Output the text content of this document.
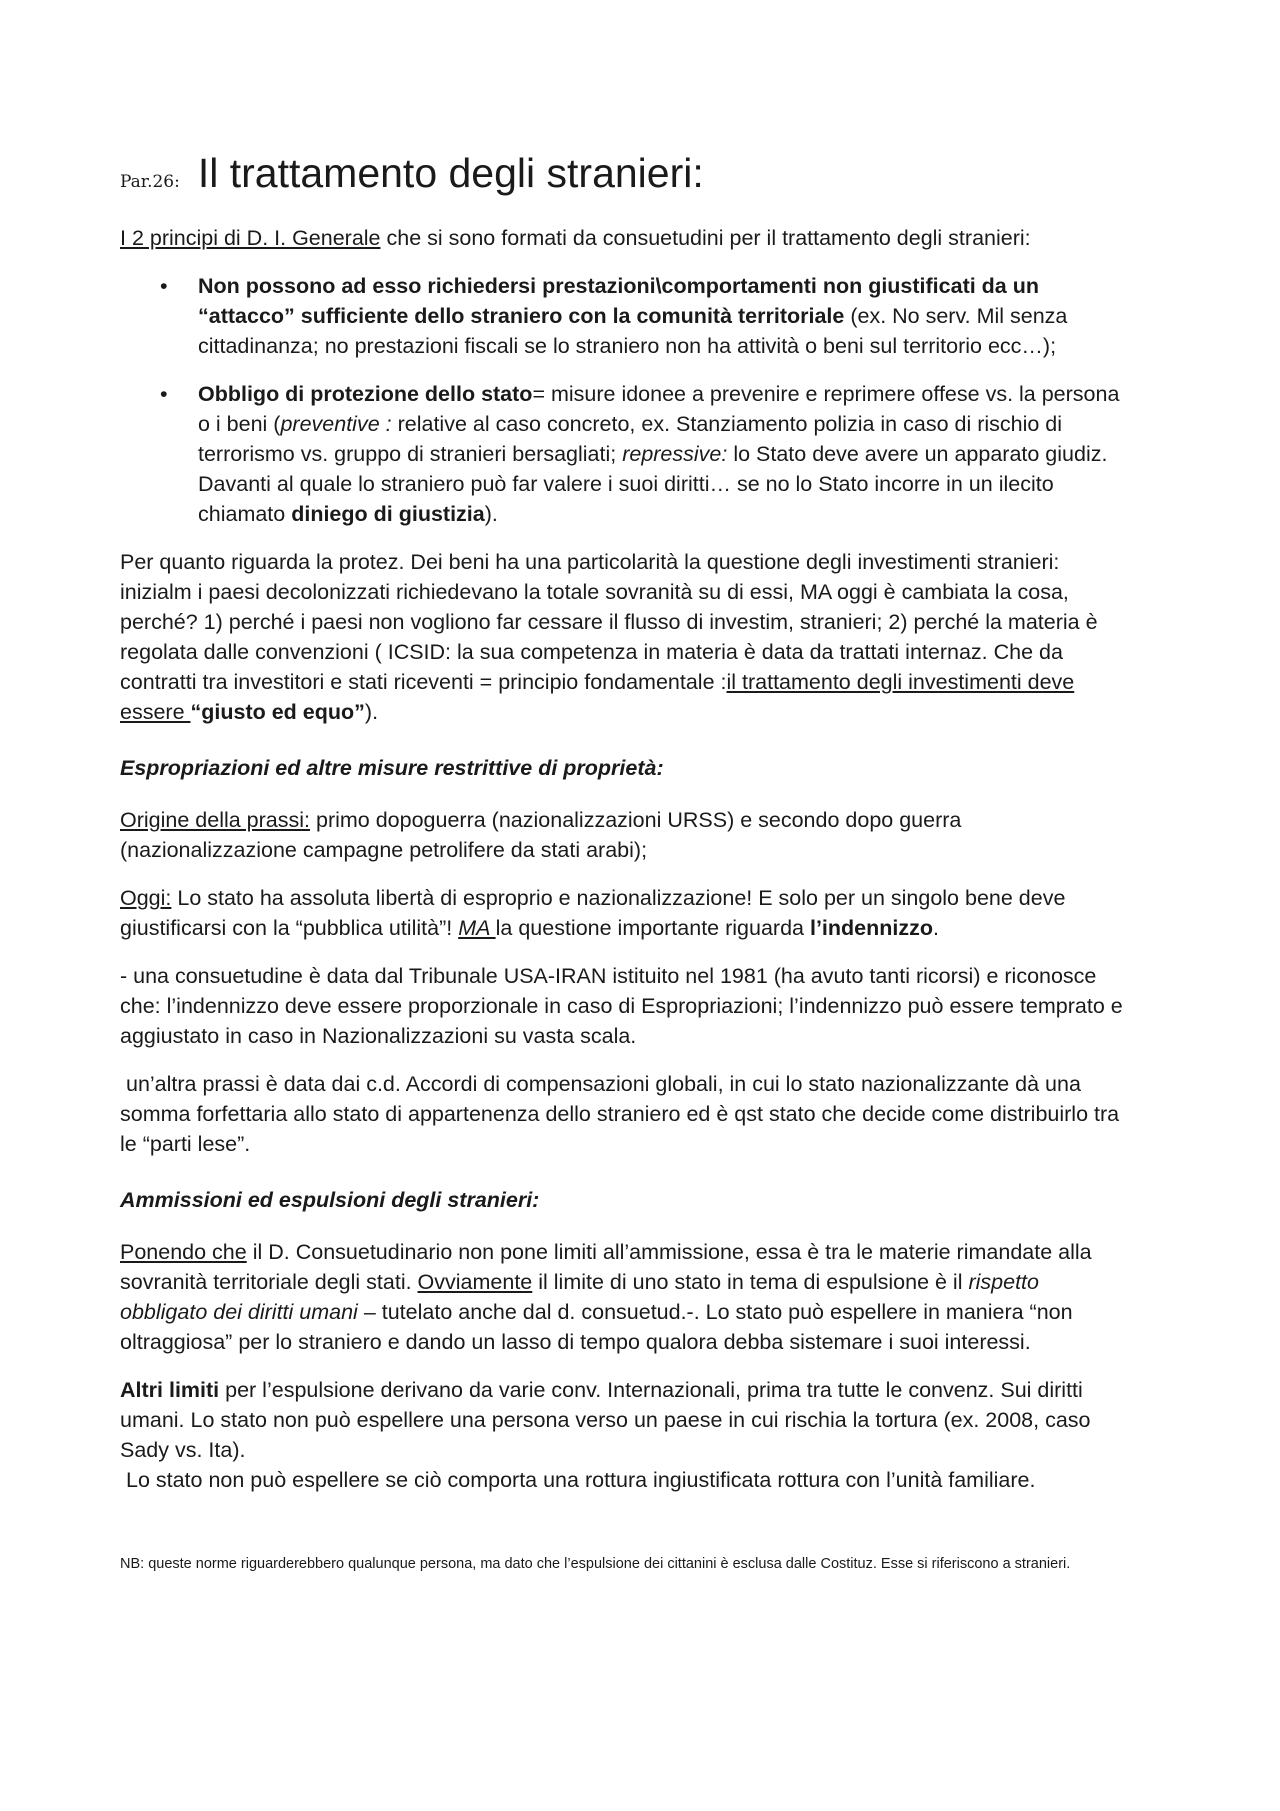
Par.26: Il trattamento degli stranieri:

I 2 principi di D. I. Generale che si sono formati da consuetudini per il trattamento degli stranieri:

• Non possono ad esso richiedersi prestazioni\comportamenti non giustificati da un “attacco” sufficiente dello straniero con la comunità territoriale (ex. No serv. Mil senza cittadinanza; no prestazioni fiscali se lo straniero non ha attività o beni sul territorio ecc…);
• Obbligo di protezione dello stato= misure idonee a prevenire e reprimere offese vs. la persona o i beni (preventive : relative al caso concreto, ex. Stanziamento polizia in caso di rischio di terrorismo vs. gruppo di stranieri bersagliati; repressive: lo Stato deve avere un apparato giudiz. Davanti al quale lo straniero può far valere i suoi diritti… se no lo Stato incorre in un ilecito chiamato diniego di giustizia).

Per quanto riguarda la protez. Dei beni ha una particolarità la questione degli investimenti stranieri: inizialm i paesi decolonizzati richiedevano la totale sovranità su di essi, MA oggi è cambiata la cosa, perché? 1) perché i paesi non vogliono far cessare il flusso di investim, stranieri; 2) perché la materia è regolata dalle convenzioni ( ICSID: la sua competenza in materia è data da trattati internaz. Che da contratti tra investitori e stati riceventi = principio fondamentale :il trattamento degli investimenti deve essere “giusto ed equo”).

Espropriazioni ed altre misure restrittive di proprietà:

Origine della prassi: primo dopoguerra (nazionalizzazioni URSS) e secondo dopo guerra (nazionalizzazione campagne petrolifere da stati arabi);

Oggi: Lo stato ha assoluta libertà di esproprio e nazionalizzazione! E solo per un singolo bene deve giustificarsi con la “pubblica utilità”! MA la questione importante riguarda l’indennizzo.

- una consuetudine è data dal Tribunale USA-IRAN istituito nel 1981 (ha avuto tanti ricorsi) e riconosce che: l’indennizzo deve essere proporzionale in caso di Espropriazioni; l’indennizzo può essere temprato e aggiustato in caso in Nazionalizzazioni su vasta scala.

un’altra prassi è data dai c.d. Accordi di compensazioni globali, in cui lo stato nazionalizzante dà una somma forfettaria allo stato di appartenenza dello straniero ed è qst stato che decide come distribuirlo tra le “parti lese”.

Ammissioni ed espulsioni degli stranieri:

Ponendo che il D. Consuetudinario non pone limiti all’ammissione, essa è tra le materie rimandate alla sovranità territoriale degli stati. Ovviamente il limite di uno stato in tema di espulsione è il rispetto obbligato dei diritti umani – tutelato anche dal d. consuetud.-. Lo stato può espellere in maniera “non oltraggiosa” per lo straniero e dando un lasso di tempo qualora debba sistemare i suoi interessi.

Altri limiti per l’espulsione derivano da varie conv. Internazionali, prima tra tutte le convenz. Sui diritti umani. Lo stato non può espellere una persona verso un paese in cui rischia la tortura (ex. 2008, caso Sady vs. Ita).

Lo stato non può espellere se ciò comporta una rottura ingiustificata rottura con l’unità familiare.

NB: queste norme riguarderebbero qualunque persona, ma dato che l’espulsione dei cittanini è esclusa dalle Costituz. Esse si riferiscono a stranieri.
